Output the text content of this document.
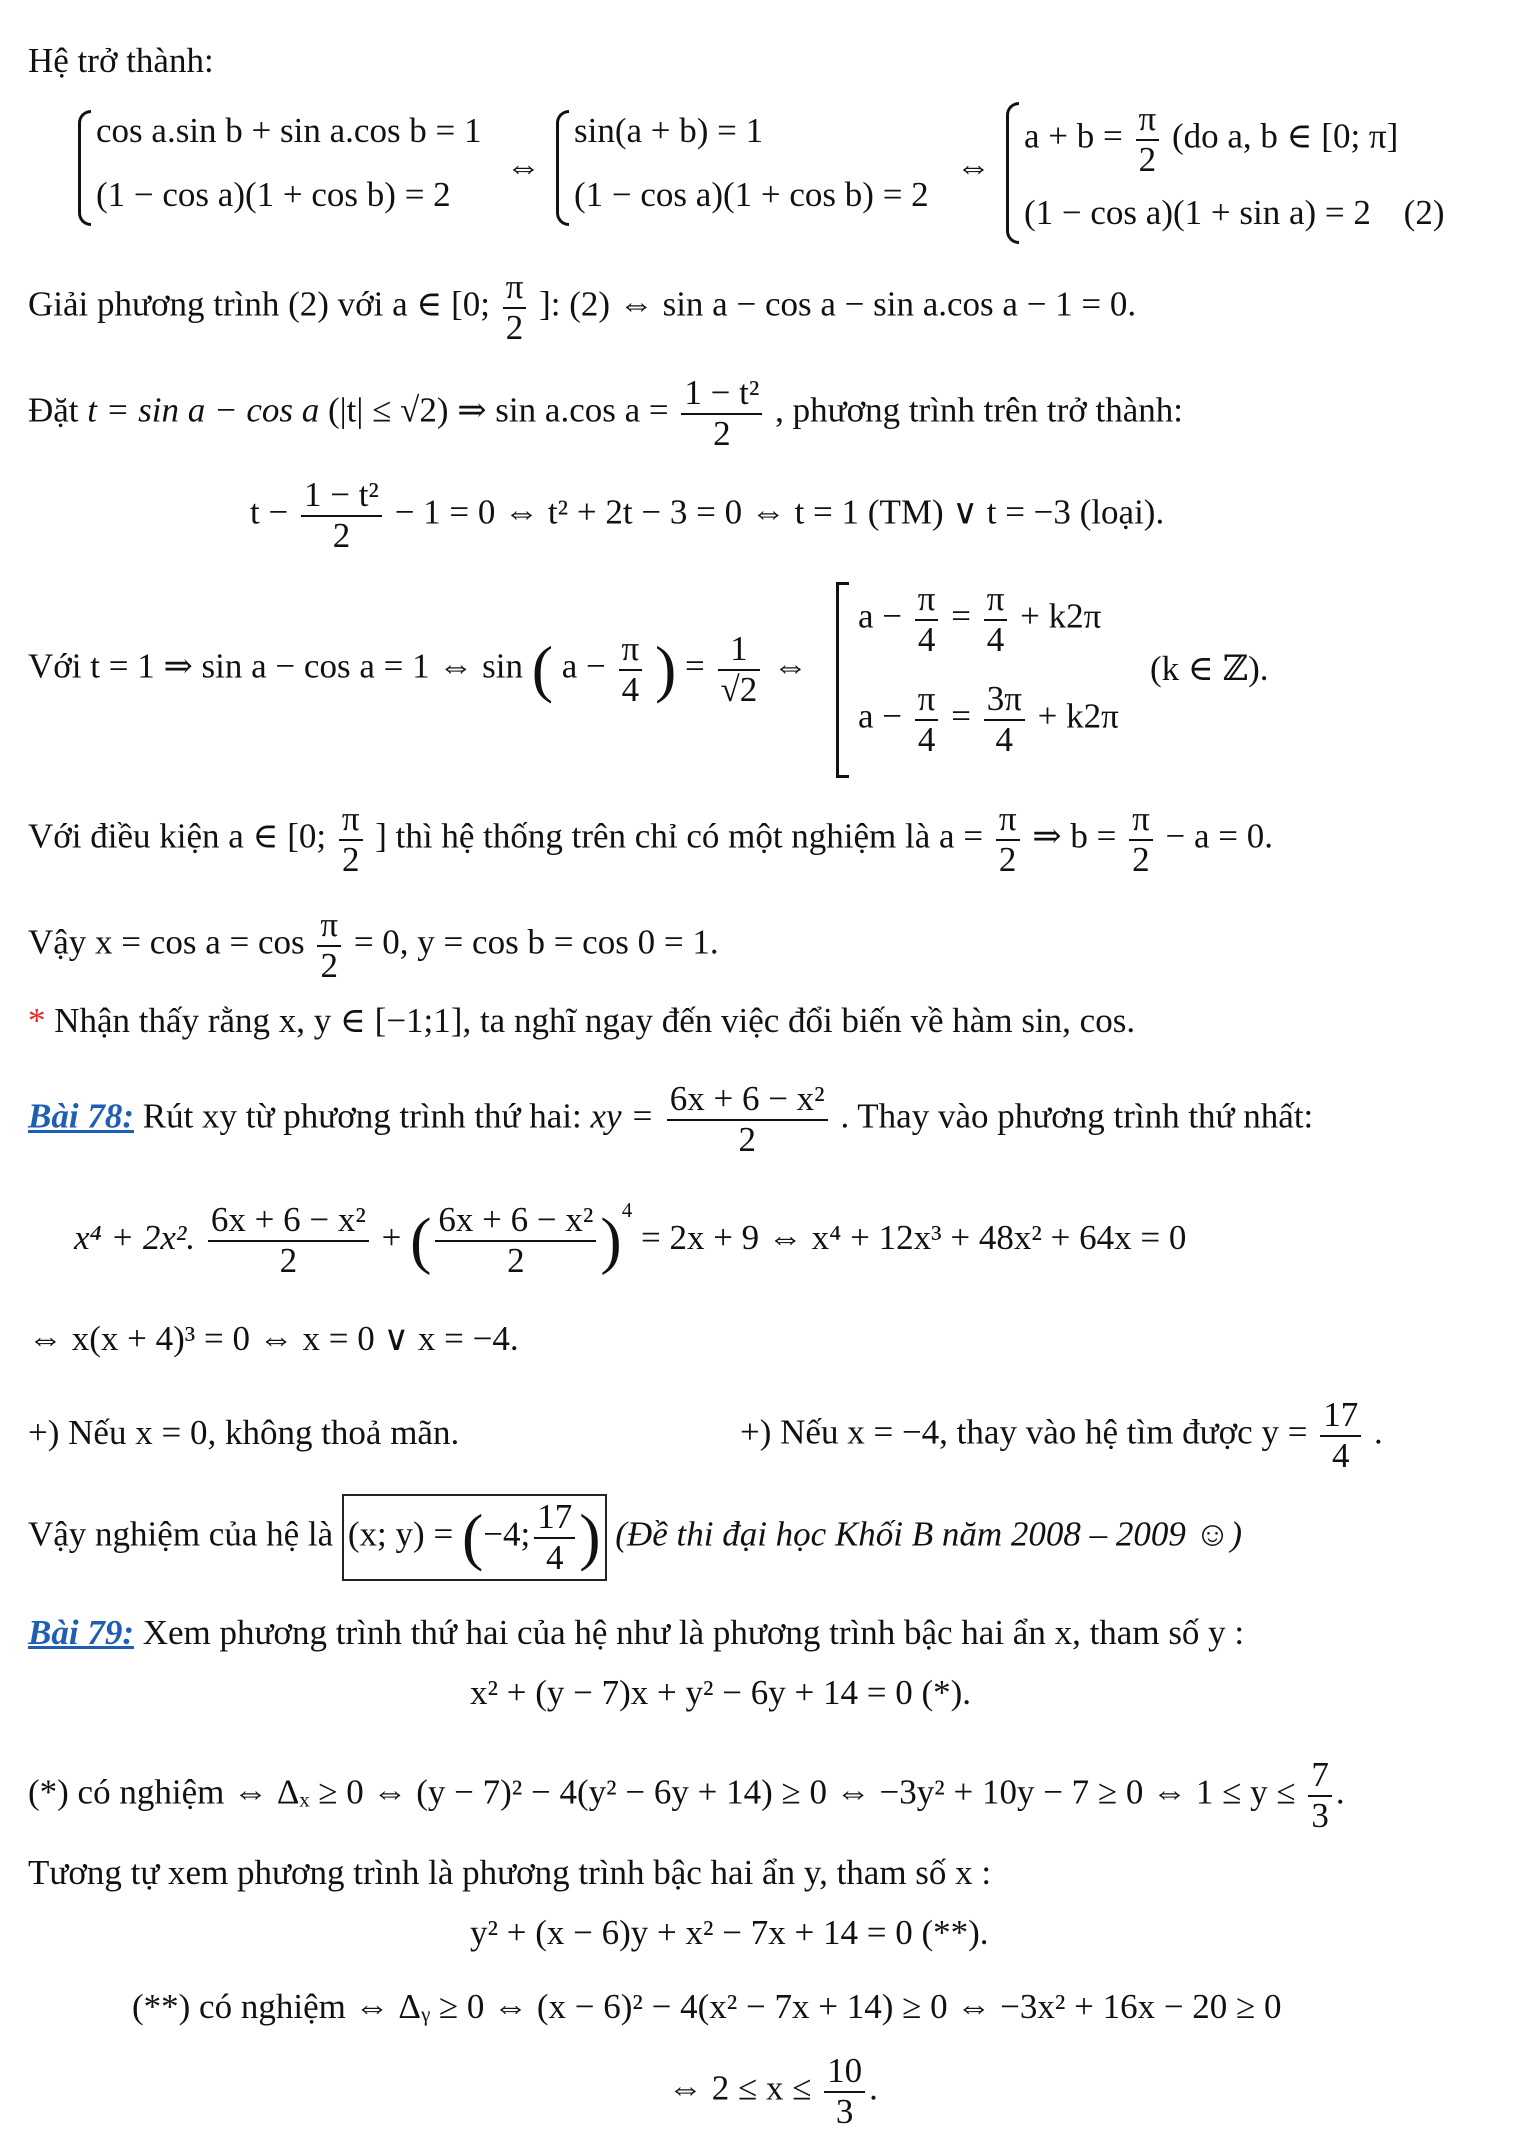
Hệ trở thành:
cos a.sin b + sin a.cos b = 1
(1 − cos a)(1 + cos b) = 2
⇔
sin(a + b) = 1
(1 − cos a)(1 + cos b) = 2
⇔
$a + b = \frac{\pi}{2} (do$ a, b ∈ [0; π]
(1 − cos a)(1 + sin a) = 2 (2)
Giải phương trình (2) với a ∈ [0; $\frac{\pi}{2}$ ]: (2) ⇔ sin a − cos a − sin a.cos a − 1 = 0.
Đặt t = sin a − cos a (|t| ≤ √2) ⇒ sin a.cos $a = \frac{\text{1 − t²}}{2}$ , phương trình trên trở thành:
$t - \frac{\text{1 − t²}}{2} - 1 = 0$ ⇔ t² + 2t − 3 = 0 ⇔ t = 1 (TM) ∨ t = −3 (loại).
Với t = 1 ⇒ sin a − cos a = 1 ⇔ sin ( $a - \frac{\pi}{4}$ ) = $\frac{1}{√2}$ ⇔
$a - \frac{\pi}{4} = \frac{\pi}{4} + k2\pi$
$a - \frac{\pi}{4} = \frac{3\pi}{4} + k2\pi$
(k ∈ ℤ).
Với điều kiện a ∈ [0; $\frac{\pi}{2}$ ] thì hệ thống trên chỉ có một nghiệm là $a = \frac{\pi}{2}$ ⇒ $b = \frac{\pi}{2} - a = 0$.
Vậy $x = \cos a = \cos \frac{\pi}{2} = 0$, y = cos b = cos 0 = 1.
* Nhận thấy rằng x, y ∈ [−1;1], ta nghĩ ngay đến việc đổi biến về hàm sin, cos.
Bài 78: Rút xy từ phương trình thứ hai: xy = $\frac{\text{6x + 6 − x²}}{2}$ . Thay vào phương trình thứ nhất:
x⁴ + 2x². $\frac{\text{6x + 6 − x²}}{2}$ + ( $\frac{\text{6x + 6 − x²}}{2} )^4 = 2x + 9$ ⇔ x⁴ + 12x³ + 48x² + 64x = 0
⇔ x(x + 4)³ = 0 ⇔ x = 0 ∨ x = −4.
+) Nếu x = 0, không thoả mãn.	+) Nếu x = −4, thay vào hệ tìm được $y = \frac{17}{4}$ .
Vậy nghiệm của hệ là (x; y) = (−4; $\frac{17}{4}$ ) (Đề thi đại học Khối B năm 2008 – 2009 ☺)
Bài 79: Xem phương trình thứ hai của hệ như là phương trình bậc hai ẩn x, tham số y :
x² + (y − 7)x + y² − 6y + 14 = 0 (*).
(*) có nghiệm ⇔ Δₓ ≥ 0 ⇔ (y − 7)² − 4(y² − 6y + 14) ≥ 0 ⇔ −3y² + 10y − 7 ≥ 0 ⇔ $1 \le y \le \frac{7}{3}$ .
Tương tự xem phương trình là phương trình bậc hai ẩn y, tham số x :
y² + (x − 6)y + x² − 7x + 14 = 0 (**).
(**) có nghiệm ⇔ Δᵧ ≥ 0 ⇔ (x − 6)² − 4(x² − 7x + 14) ≥ 0 ⇔ −3x² + 16x − 20 ≥ 0
⇔ $2 \le x \le \frac{10}{3}$ .
